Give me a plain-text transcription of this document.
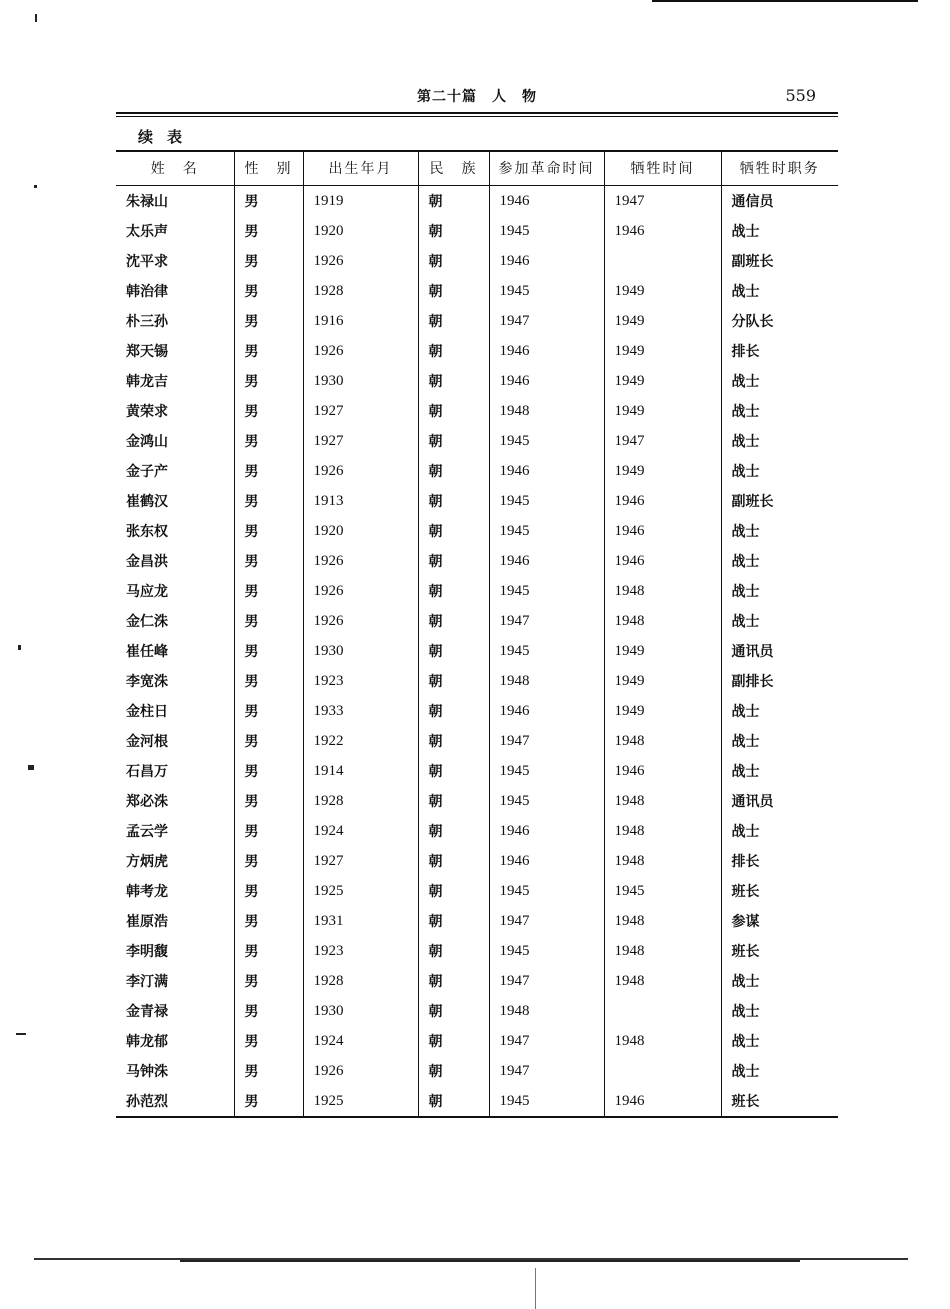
第二十篇　人　物	559
续表
姓　名	性　别	出生年月	民　族	参加革命时间	牺牲时间	牺牲时职务
朱禄山	男	1919	朝	1946	1947	通信员
太乐声	男	1920	朝	1945	1946	战士
沈平求	男	1926	朝	1946		副班长
韩治律	男	1928	朝	1945	1949	战士
朴三孙	男	1916	朝	1947	1949	分队长
郑天锡	男	1926	朝	1946	1949	排长
韩龙吉	男	1930	朝	1946	1949	战士
黄荣求	男	1927	朝	1948	1949	战士
金鸿山	男	1927	朝	1945	1947	战士
金子产	男	1926	朝	1946	1949	战士
崔鹤汉	男	1913	朝	1945	1946	副班长
张东权	男	1920	朝	1945	1946	战士
金昌洪	男	1926	朝	1946	1946	战士
马应龙	男	1926	朝	1945	1948	战士
金仁洙	男	1926	朝	1947	1948	战士
崔任峰	男	1930	朝	1945	1949	通讯员
李宽洙	男	1923	朝	1948	1949	副排长
金柱日	男	1933	朝	1946	1949	战士
金河根	男	1922	朝	1947	1948	战士
石昌万	男	1914	朝	1945	1946	战士
郑必洙	男	1928	朝	1945	1948	通讯员
孟云学	男	1924	朝	1946	1948	战士
方炳虎	男	1927	朝	1946	1948	排长
韩考龙	男	1925	朝	1945	1945	班长
崔原浩	男	1931	朝	1947	1948	参谋
李明馥	男	1923	朝	1945	1948	班长
李汀满	男	1928	朝	1947	1948	战士
金青禄	男	1930	朝	1948		战士
韩龙郁	男	1924	朝	1947	1948	战士
马钟洙	男	1926	朝	1947		战士
孙范烈	男	1925	朝	1945	1946	班长
